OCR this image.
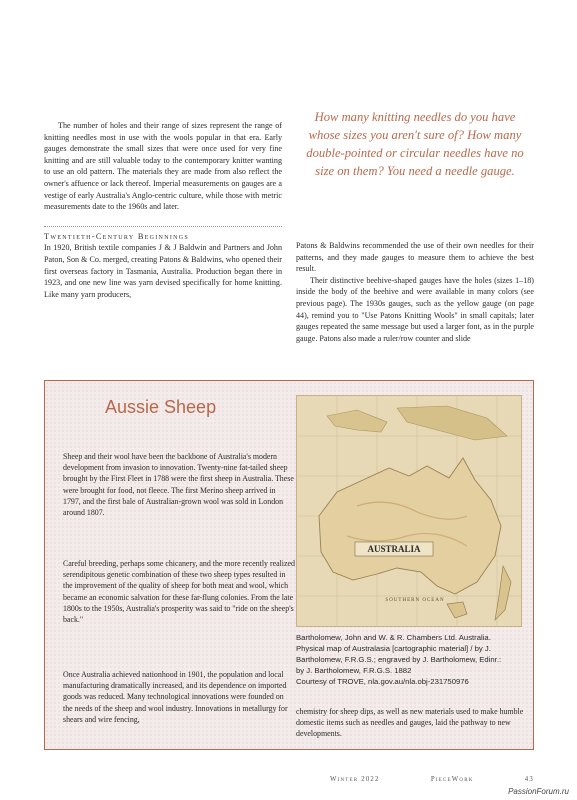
The number of holes and their range of sizes represent the range of knitting needles most in use with the wools popular in that era. Early gauges demonstrate the small sizes that were once used for very fine knitting and are still valuable today to the contemporary knitter wanting to use an old pattern. The materials they are made from also reflect the owner's affuence or lack thereof. Imperial measurements on gauges are a vestige of early Australia's Anglo-centric culture, while those with metric measurements date to the 1960s and later.
Twentieth-Century Beginnings
In 1920, British textile companies J & J Baldwin and Partners and John Paton, Son & Co. merged, creating Patons & Baldwins, who opened their first overseas factory in Tasmania, Australia. Production began there in 1923, and one new line was yarn devised specifically for home knitting. Like many yarn producers,

How many knitting needles do you have whose sizes you aren't sure of? How many double-pointed or circular needles have no size on them? You need a needle gauge.

Patons & Baldwins recommended the use of their own needles for their patterns, and they made gauges to measure them to achieve the best result.
Their distinctive beehive-shaped gauges have the holes (sizes 1–18) inside the body of the beehive and were available in many colors (see previous page). The 1930s gauges, such as the yellow gauge (on page 44), remind you to "Use Patons Knitting Wools" in small capitals; later gauges repeated the same message but used a larger font, as in the purple gauge. Patons also made a ruler/row counter and slide

Aussie Sheep

Sheep and their wool have been the backbone of Australia's modern development from invasion to innovation. Twenty-nine fat-tailed sheep brought by the First Fleet in 1788 were the first sheep in Australia. These were brought for food, not fleece. The first Merino sheep arrived in 1797, and the first bale of Australian-grown wool was sold in London around 1807.

Careful breeding, perhaps some chicanery, and the more recently realized serendipitous genetic combination of these two sheep types resulted in the improvement of the quality of sheep for both meat and wool, which became an economic salvation for these far-flung colonies. From the late 1800s to the 1950s, Australia's prosperity was said to "ride on the sheep's back."

Once Australia achieved nationhood in 1901, the population and local manufacturing dramatically increased, and its dependence on imported goods was reduced. Many technological innovations were founded on the needs of the sheep and wool industry. Innovations in metallurgy for shears and wire fencing,

AUSTRALIA
SOUTHERN OCEAN

Bartholomew, John and W. & R. Chambers Ltd. Australia.
Physical map of Australasia [cartographic material] / by J.
Bartholomew, F.R.G.S.; engraved by J. Bartholomew, Edinr.:
by J. Bartholomew, F.R.G.S. 1882
Courtesy of TROVE, nla.gov.au/nla.obj-231750976

chemistry for sheep dips, as well as new materials used to make humble domestic items such as needles and gauges, laid the pathway to new developments.

Winter 2022	PieceWork	43
PassionForum.ru
